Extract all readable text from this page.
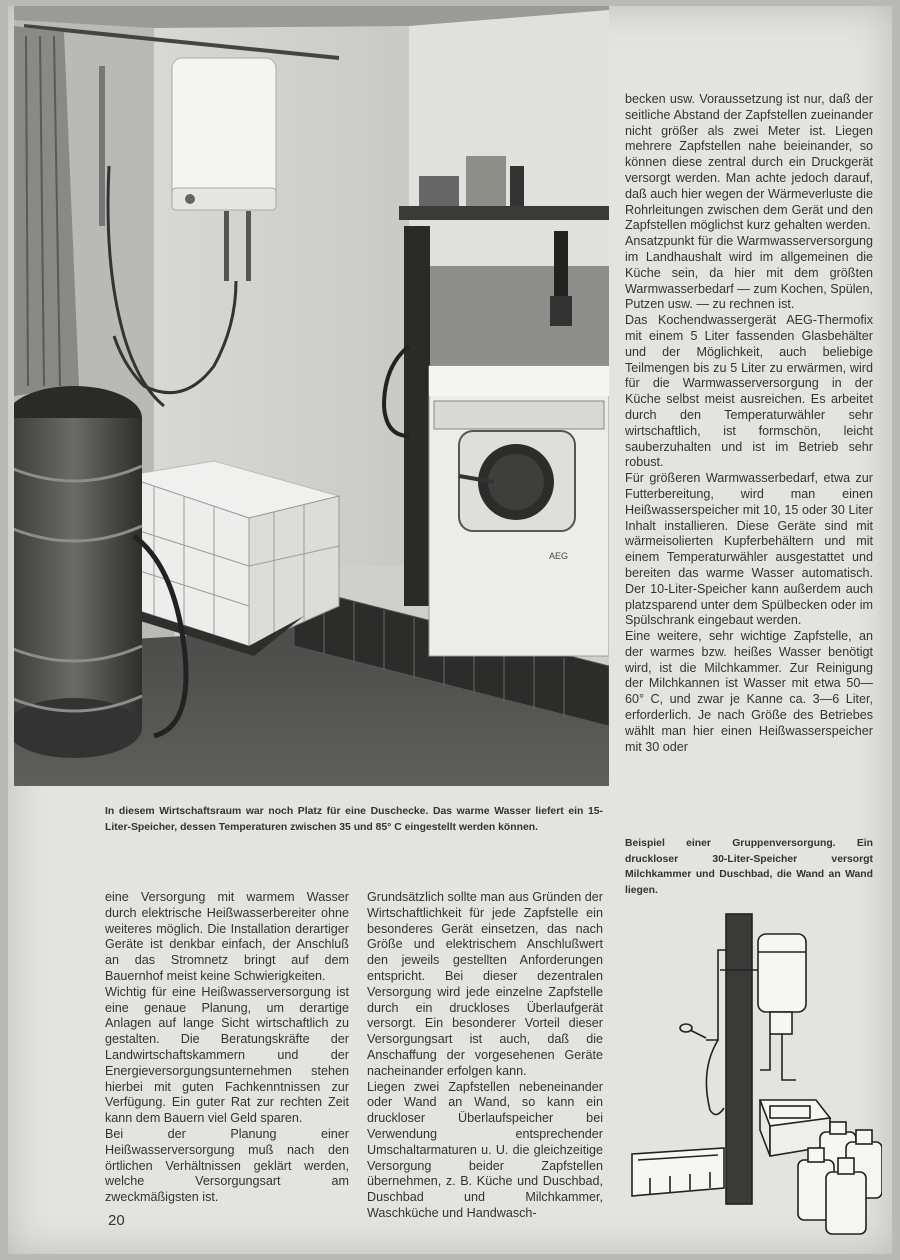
AEG

becken usw. Voraussetzung ist nur, daß der seitliche Abstand der Zapfstellen zueinander nicht größer als zwei Meter ist. Liegen mehrere Zapfstellen nahe beieinander, so können diese zentral durch ein Druckgerät versorgt werden. Man achte jedoch darauf, daß auch hier wegen der Wärmeverluste die Rohrleitungen zwischen dem Gerät und den Zapfstellen möglichst kurz gehalten werden.

Ansatzpunkt für die Warmwasserversorgung im Landhaushalt wird im allgemeinen die Küche sein, da hier mit dem größten Warmwasserbedarf — zum Kochen, Spülen, Putzen usw. — zu rechnen ist.

Das Kochendwassergerät AEG-Thermofix mit einem 5 Liter fassenden Glasbehälter und der Möglichkeit, auch beliebige Teilmengen bis zu 5 Liter zu erwärmen, wird für die Warmwasserversorgung in der Küche selbst meist ausreichen. Es arbeitet durch den Temperaturwähler sehr wirtschaftlich, ist formschön, leicht sauberzuhalten und ist im Betrieb sehr robust.

Für größeren Warmwasserbedarf, etwa zur Futterbereitung, wird man einen Heißwasserspeicher mit 10, 15 oder 30 Liter Inhalt installieren. Diese Geräte sind mit wärmeisolierten Kupferbehältern und mit einem Temperaturwähler ausgestattet und bereiten das warme Wasser automatisch. Der 10-Liter-Speicher kann außerdem auch platzsparend unter dem Spülbecken oder im Spülschrank eingebaut werden.

Eine weitere, sehr wichtige Zapfstelle, an der warmes bzw. heißes Wasser benötigt wird, ist die Milchkammer. Zur Reinigung der Milchkannen ist Wasser mit etwa 50—60° C, und zwar je Kanne ca. 3—6 Liter, erforderlich. Je nach Größe des Betriebes wählt man hier einen Heißwasserspeicher mit 30 oder

In diesem Wirtschaftsraum war noch Platz für eine Duschecke. Das warme Wasser liefert ein 15-Liter-Speicher, dessen Temperaturen zwischen 35 und 85° C eingestellt werden können.
Beispiel einer Gruppenversorgung. Ein druckloser 30-Liter-Speicher versorgt Milchkammer und Duschbad, die Wand an Wand liegen.

eine Versorgung mit warmem Wasser durch elektrische Heißwasserbereiter ohne weiteres möglich. Die Installation derartiger Geräte ist denkbar einfach, der Anschluß an das Stromnetz bringt auf dem Bauernhof meist keine Schwierigkeiten.

Wichtig für eine Heißwasserversorgung ist eine genaue Planung, um derartige Anlagen auf lange Sicht wirtschaftlich zu gestalten. Die Beratungskräfte der Landwirtschaftskammern und der Energieversorgungsunternehmen stehen hierbei mit guten Fachkenntnissen zur Verfügung. Ein guter Rat zur rechten Zeit kann dem Bauern viel Geld sparen.

Bei der Planung einer Heißwasserversorgung muß nach den örtlichen Verhältnissen geklärt werden, welche Versorgungsart am zweckmäßigsten ist.

Grundsätzlich sollte man aus Gründen der Wirtschaftlichkeit für jede Zapfstelle ein besonderes Gerät einsetzen, das nach Größe und elektrischem Anschlußwert den jeweils gestellten Anforderungen entspricht. Bei dieser dezentralen Versorgung wird jede einzelne Zapfstelle durch ein druckloses Überlaufgerät versorgt. Ein besonderer Vorteil dieser Versorgungsart ist auch, daß die Anschaffung der vorgesehenen Geräte nacheinander erfolgen kann.

Liegen zwei Zapfstellen nebeneinander oder Wand an Wand, so kann ein druckloser Überlaufspeicher bei Verwendung entsprechender Umschaltarmaturen u. U. die gleichzeitige Versorgung beider Zapfstellen übernehmen, z. B. Küche und Duschbad, Duschbad und Milchkammer, Waschküche und Handwasch-

20
